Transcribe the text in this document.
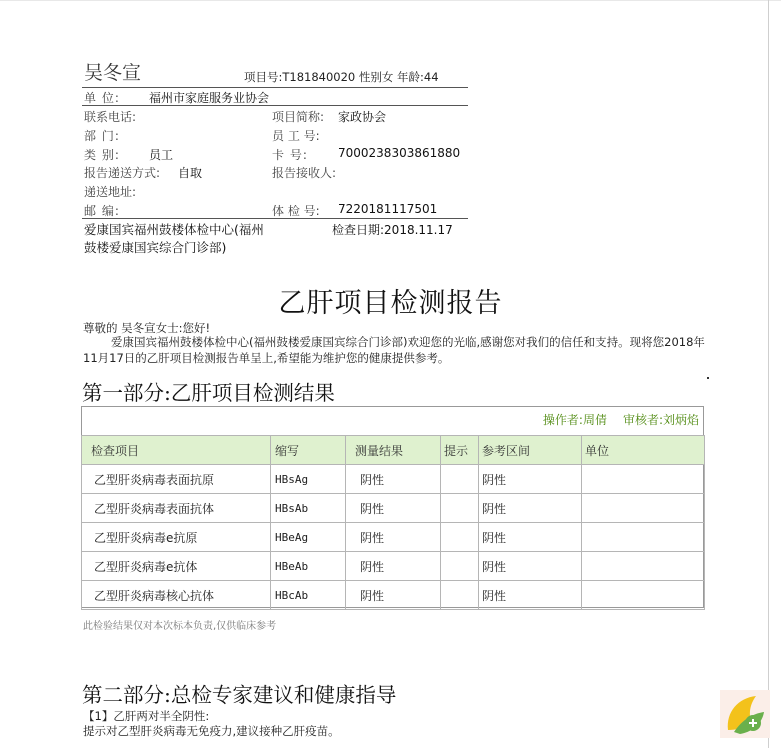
吴冬宣	项目号:T181840020 性别女 年龄:44
单 位: 福州市家庭服务业协会
联系电话:	项目简称: 家政协会
部 门:	员 工 号:
类 别: 员工	卡 号:	7000238303861880
报告递送方式: 自取	报告接收人:
递送地址:
邮 编:	体 检 号: 7220181117501
爱康国宾福州鼓楼体检中心(福州鼓楼爱康国宾综合门诊部)
检查日期:2018.11.17
乙肝项目检测报告
尊敬的 吴冬宣女士:您好!
爱康国宾福州鼓楼体检中心(福州鼓楼爱康国宾综合门诊部)欢迎您的光临,感谢您对我们的信任和支持。现将您2018年11月17日的乙肝项目检测报告单呈上,希望能为维护您的健康提供参考。
第一部分:乙肝项目检测结果
操作者:周倩 审核者:刘炳焰
检查项目	缩写	测量结果	提示	参考区间	单位
乙型肝炎病毒表面抗原	HBsAg	阴性		阴性	
乙型肝炎病毒表面抗体	HBsAb	阴性		阴性	
乙型肝炎病毒e抗原	HBeAg	阴性		阴性	
乙型肝炎病毒e抗体	HBeAb	阴性		阴性	
乙型肝炎病毒核心抗体	HBcAb	阴性		阴性	
此检验结果仅对本次标本负责,仅供临床参考
第二部分:总检专家建议和健康指导
【1】乙肝两对半全阴性:
提示对乙型肝炎病毒无免疫力,建议接种乙肝疫苗。
